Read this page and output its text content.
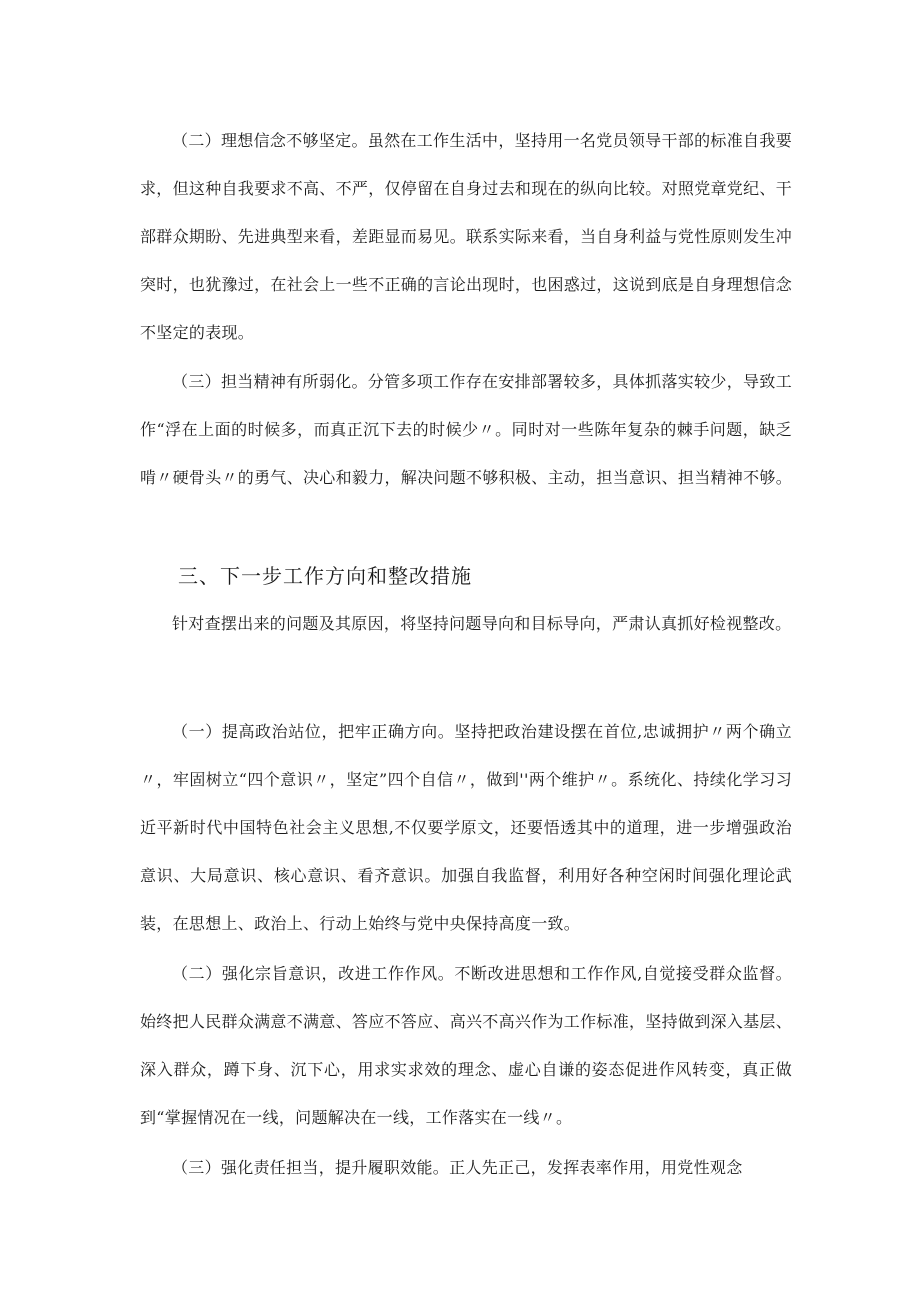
（二）理想信念不够坚定。虽然在工作生活中，坚持用一名党员领导干部的标准自我要求，但这种自我要求不高、不严，仅停留在自身过去和现在的纵向比较。对照党章党纪、干部群众期盼、先进典型来看，差距显而易见。联系实际来看，当自身利益与党性原则发生冲突时，也犹豫过，在社会上一些不正确的言论出现时，也困惑过，这说到底是自身理想信念不坚定的表现。

（三）担当精神有所弱化。分管多项工作存在安排部署较多，具体抓落实较少，导致工作“浮在上面的时候多，而真正沉下去的时候少〃。同时对一些陈年复杂的棘手问题，缺乏啃〃硬骨头〃的勇气、决心和毅力，解决问题不够积极、主动，担当意识、担当精神不够。

三、下一步工作方向和整改措施

针对查摆出来的问题及其原因，将坚持问题导向和目标导向，严肃认真抓好检视整改。

（一）提高政治站位，把牢正确方向。坚持把政治建设摆在首位,忠诚拥护〃两个确立〃，牢固树立“四个意识〃，坚定”四个自信〃，做到''两个维护〃。系统化、持续化学习习近平新时代中国特色社会主义思想,不仅要学原文，还要悟透其中的道理，进一步增强政治意识、大局意识、核心意识、看齐意识。加强自我监督，利用好各种空闲时间强化理论武装，在思想上、政治上、行动上始终与党中央保持高度一致。

（二）强化宗旨意识，改进工作作风。不断改进思想和工作作风,自觉接受群众监督。始终把人民群众满意不满意、答应不答应、高兴不高兴作为工作标准，坚持做到深入基层、深入群众，蹲下身、沉下心，用求实求效的理念、虚心自谦的姿态促进作风转变，真正做到“掌握情况在一线，问题解决在一线，工作落实在一线〃。

（三）强化责任担当，提升履职效能。正人先正己，发挥表率作用，用党性观念
